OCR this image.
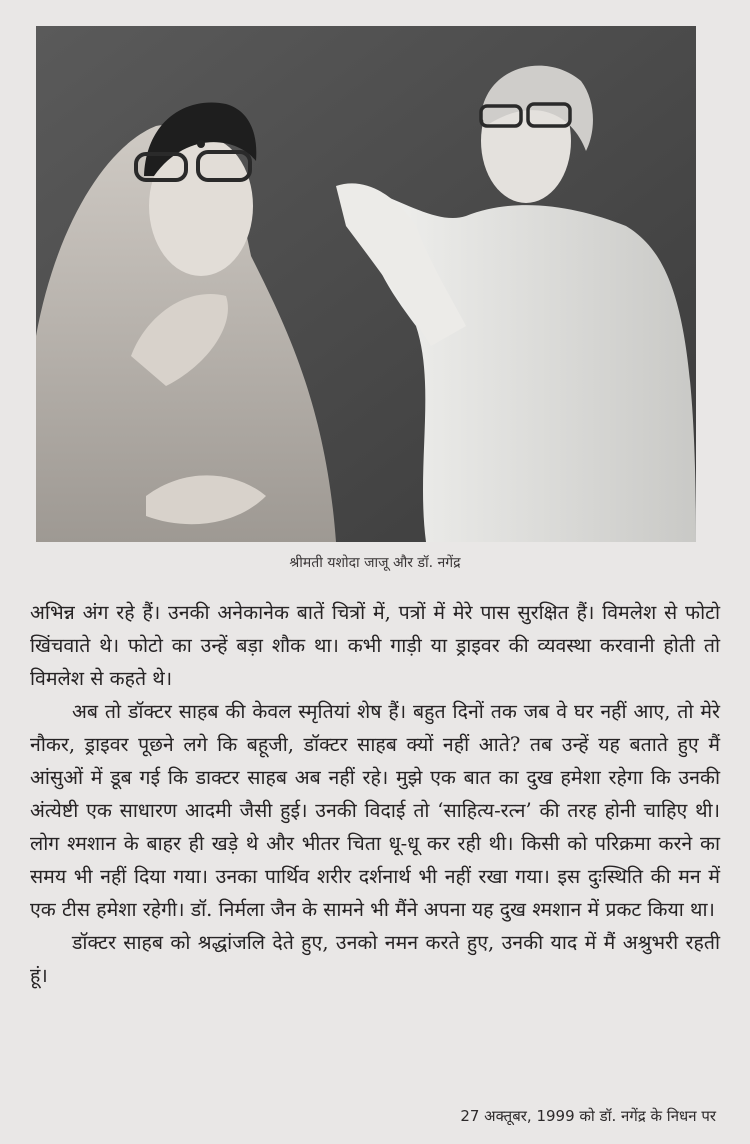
श्रीमती यशोदा जाजू और डॉ. नगेंद्र

अभिन्न अंग रहे हैं। उनकी अनेकानेक बातें चित्रों में, पत्रों में मेरे पास सुरक्षित हैं। विमलेश से फोटो खिंचवाते थे। फोटो का उन्हें बड़ा शौक था। कभी गाड़ी या ड्राइवर की व्यवस्था करवानी होती तो विमलेश से कहते थे।

अब तो डॉक्टर साहब की केवल स्मृतियां शेष हैं। बहुत दिनों तक जब वे घर नहीं आए, तो मेरे नौकर, ड्राइवर पूछने लगे कि बहूजी, डॉक्टर साहब क्यों नहीं आते? तब उन्हें यह बताते हुए मैं आंसुओं में डूब गई कि डाक्टर साहब अब नहीं रहे। मुझे एक बात का दुख हमेशा रहेगा कि उनकी अंत्येष्टी एक साधारण आदमी जैसी हुई। उनकी विदाई तो ‘साहित्य-रत्न’ की तरह होनी चाहिए थी। लोग श्मशान के बाहर ही खड़े थे और भीतर चिता धू-धू कर रही थी। किसी को परिक्रमा करने का समय भी नहीं दिया गया। उनका पार्थिव शरीर दर्शनार्थ भी नहीं रखा गया। इस दुःस्थिति की मन में एक टीस हमेशा रहेगी। डॉ. निर्मला जैन के सामने भी मैंने अपना यह दुख श्मशान में प्रकट किया था।

डॉक्टर साहब को श्रद्धांजलि देते हुए, उनको नमन करते हुए, उनकी याद में मैं अश्रुभरी रहती हूं।

27 अक्तूबर, 1999 को डॉ. नगेंद्र के निधन पर
